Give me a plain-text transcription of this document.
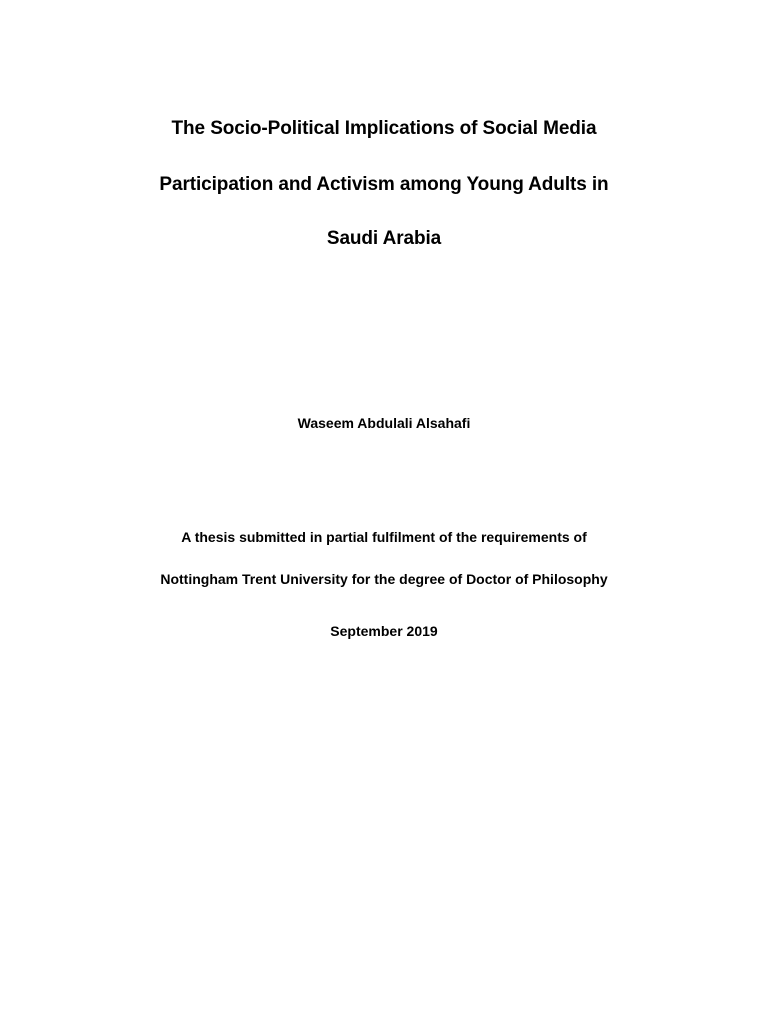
The Socio-Political Implications of Social Media
Participation and Activism among Young Adults in
Saudi Arabia
Waseem Abdulali Alsahafi
A thesis submitted in partial fulfilment of the requirements of
Nottingham Trent University for the degree of Doctor of Philosophy
September 2019
